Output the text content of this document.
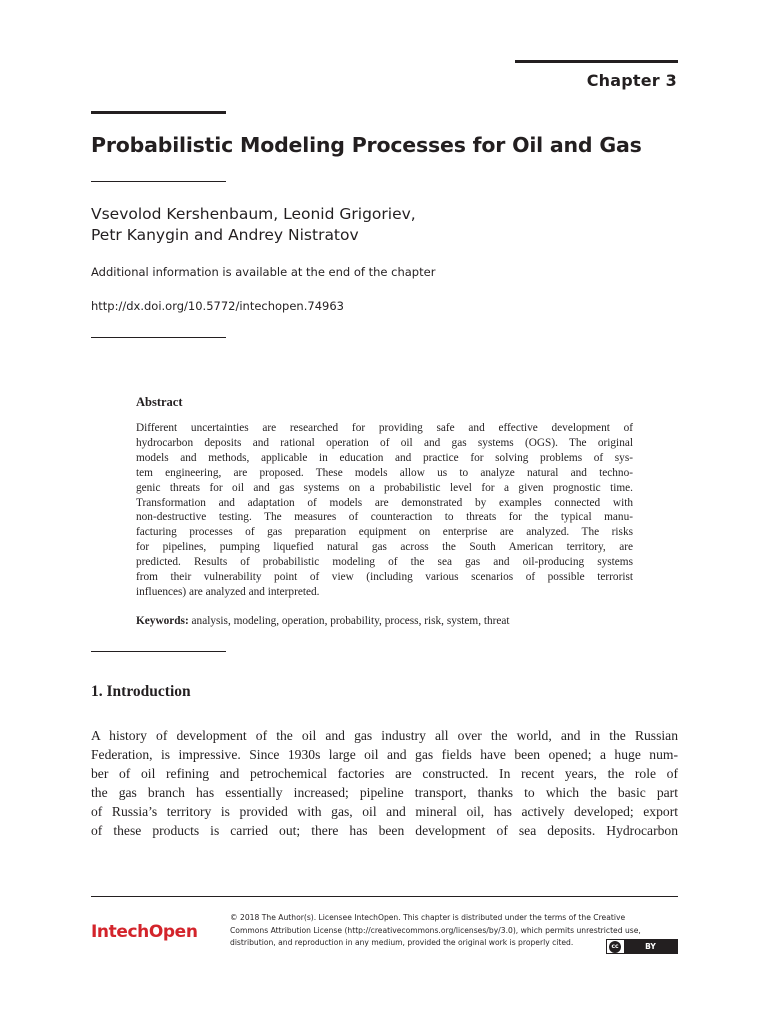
Chapter 3
Probabilistic Modeling Processes for Oil and Gas
Vsevolod Kershenbaum, Leonid Grigoriev,
Petr Kanygin and Andrey Nistratov
Additional information is available at the end of the chapter
http://dx.doi.org/10.5772/intechopen.74963
Abstract
Different uncertainties are researched for providing safe and effective development of
hydrocarbon deposits and rational operation of oil and gas systems (OGS). The original
models and methods, applicable in education and practice for solving problems of sys-
tem engineering, are proposed. These models allow us to analyze natural and techno-
genic threats for oil and gas systems on a probabilistic level for a given prognostic time.
Transformation and adaptation of models are demonstrated by examples connected with
non-destructive testing. The measures of counteraction to threats for the typical manu-
facturing processes of gas preparation equipment on enterprise are analyzed. The risks
for pipelines, pumping liquefied natural gas across the South American territory, are
predicted. Results of probabilistic modeling of the sea gas and oil-producing systems
from their vulnerability point of view (including various scenarios of possible terrorist
influences) are analyzed and interpreted.
Keywords: analysis, modeling, operation, probability, process, risk, system, threat
1. Introduction
A history of development of the oil and gas industry all over the world, and in the Russian
Federation, is impressive. Since 1930s large oil and gas fields have been opened; a huge num-
ber of oil refining and petrochemical factories are constructed. In recent years, the role of
the gas branch has essentially increased; pipeline transport, thanks to which the basic part
of Russia’s territory is provided with gas, oil and mineral oil, has actively developed; export
of these products is carried out; there has been development of sea deposits. Hydrocarbon
IntechOpen
© 2018 The Author(s). Licensee IntechOpen. This chapter is distributed under the terms of the Creative
Commons Attribution License (http://creativecommons.org/licenses/by/3.0), which permits unrestricted use,
distribution, and reproduction in any medium, provided the original work is properly cited.	cc	BY
